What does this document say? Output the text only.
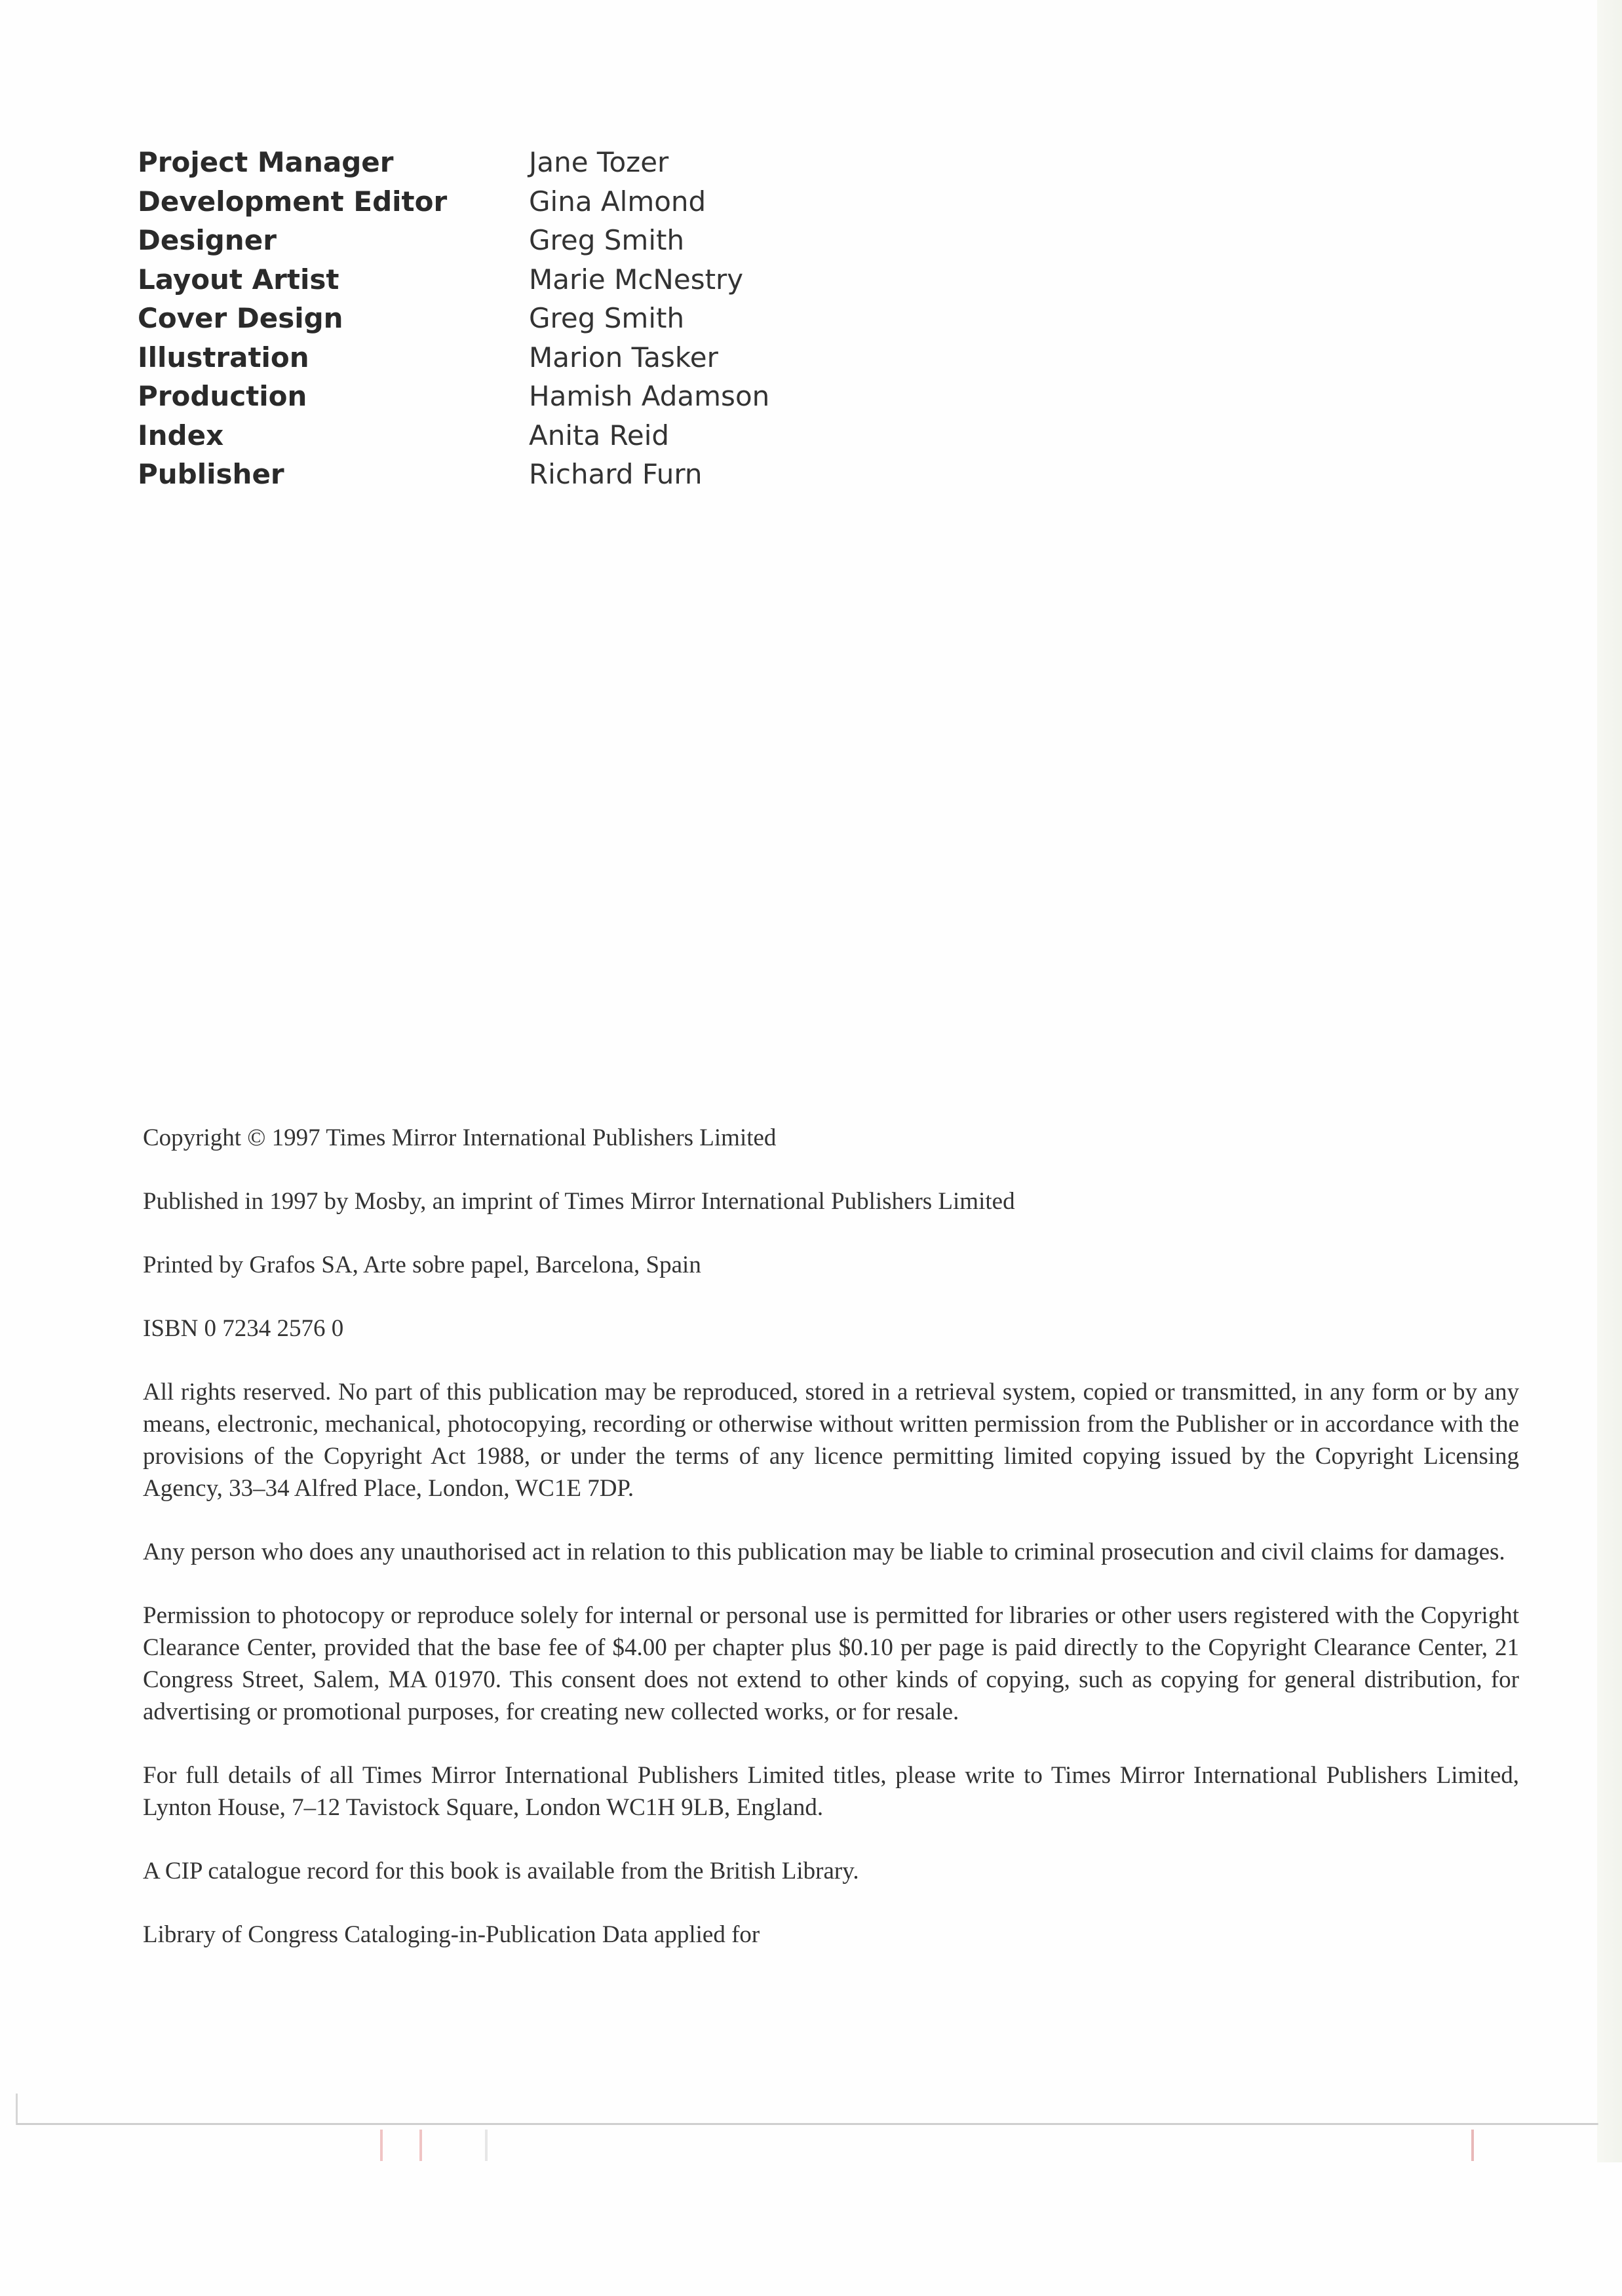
Project Manager	Jane Tozer
Development Editor	Gina Almond
Designer	Greg Smith
Layout Artist	Marie McNestry
Cover Design	Greg Smith
Illustration	Marion Tasker
Production	Hamish Adamson
Index	Anita Reid
Publisher	Richard Furn

Copyright © 1997 Times Mirror International Publishers Limited

Published in 1997 by Mosby, an imprint of Times Mirror International Publishers Limited

Printed by Grafos SA, Arte sobre papel, Barcelona, Spain

ISBN 0 7234 2576 0

All rights reserved. No part of this publication may be reproduced, stored in a retrieval system, copied or transmitted, in any form or by any means, electronic, mechanical, photocopying, recording or otherwise without written permission from the Publisher or in accordance with the provisions of the Copyright Act 1988, or under the terms of any licence permitting limited copying issued by the Copyright Licensing Agency, 33–34 Alfred Place, London, WC1E 7DP.

Any person who does any unauthorised act in relation to this publication may be liable to criminal prosecution and civil claims for damages.

Permission to photocopy or reproduce solely for internal or personal use is permitted for libraries or other users registered with the Copyright Clearance Center, provided that the base fee of $4.00 per chapter plus $0.10 per page is paid directly to the Copyright Clearance Center, 21 Congress Street, Salem, MA 01970. This consent does not extend to other kinds of copying, such as copying for general distribution, for advertising or promotional purposes, for creating new collected works, or for resale.

For full details of all Times Mirror International Publishers Limited titles, please write to Times Mirror International Publishers Limited, Lynton House, 7–12 Tavistock Square, London WC1H 9LB, England.

A CIP catalogue record for this book is available from the British Library.

Library of Congress Cataloging-in-Publication Data applied for
